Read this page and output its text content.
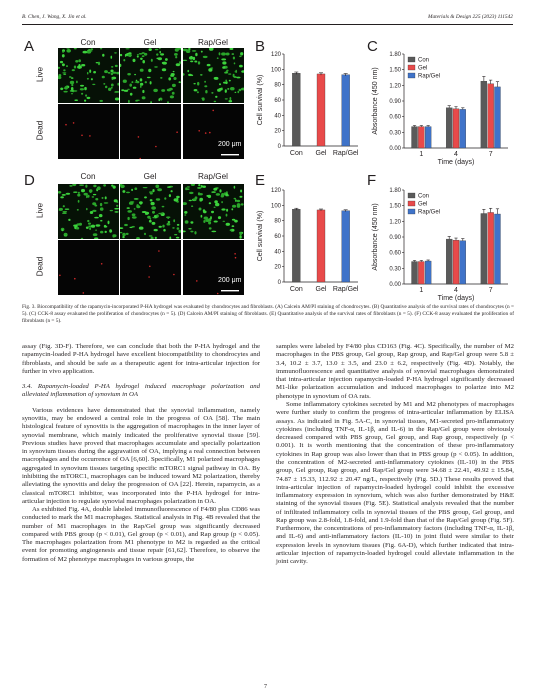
B. Chen, J. Wang, X. Jin et al.	Materials & Design 225 (2023) 111542
A
D
Con	Gel	Rap/Gel
Con	Gel	Rap/Gel
Live
Dead
Live
Dead
200 μm
200 μm
B	C
E	F
0
20
40
60
80
100
120
Cell survival (%)
Con Gel Rap/Gel
0.00
0.30
0.60
0.90
1.20
1.50
1.80
Absorbance (450 nm)
1	4	7
Time (days)
Con
Gel
Rap/Gel
0
20
40
60
80
100
120
Cell survival (%)
Con Gel Rap/Gel
0.00
0.30
0.60
0.90
1.20
1.50
1.80
Absorbance (450 nm)
1	4	7
Time (days)
Con
Gel
Rap/Gel
Fig. 3. Biocompatibility of the rapamycin-incorporated P-HA hydrogel was evaluated by chondrocytes and fibroblasts. (A) Calcein AM/PI staining of chondrocytes. (B) Quantitative analysis of the survival rates of chondrocytes (n = 5). (C) CCK-8 assay evaluated the proliferation of chondrocytes (n = 5). (D) Calcein AM/PI staining of fibroblasts. (E) Quantitative analysis of the survival rates of fibroblasts (n = 5). (F) CCK-8 assay evaluated the proliferation of fibroblasts (n = 5).

assay (Fig. 3D-F). Therefore, we can conclude that both the P-HA hydrogel and the rapamycin-loaded P-HA hydrogel have excellent biocompatibility to chondrocytes and fibroblasts, and should be safe as a therapeutic agent for intra-articular injection for further in vivo application.

3.4. Rapamycin-loaded P-HA hydrogel induced macrophage polarization and alleviated inflammation of synovium in OA

Various evidences have demonstrated that the synovial inflammation, namely synovitis, may be endowed a central role in the progress of OA [58]. The main histological feature of synovitis is the aggregation of macrophages in the inner layer of synovial membrane, which mainly indicated the proliferative synovial tissue [59]. Previous studies have proved that macrophages accumulate and specially polarization in synovium tissues during the aggravation of OA, implying a real connection between macrophages and the occurrence of OA [6,60]. Specifically, M1 polarized macrophages aggregated in synovium tissues targeting specific mTORC1 signal pathway in OA. By inhibiting the mTORC1, macrophages can be induced toward M2 polarization, thereby alleviating the synovitis and delay the progression of OA [22]. Herein, rapamycin, as a classical mTORC1 inhibitor, was incorporated into the P-HA hydrogel for intra-articular injection to regulate synovial macrophages polarization in OA.

As exhibited Fig. 4A, double labeled immunofluorescence of F4/80 plus CD86 was conducted to mark the M1 macrophages. Statistical analysis in Fig. 4B revealed that the number of M1 macrophages in the Rap/Gel group was significantly decreased compared with PBS group (p < 0.01), Gel group (p < 0.01), and Rap group (p < 0.05). The macrophages polarization from M1 phenotype to M2 is regarded as the critical event for promoting angiogenesis and tissue repair [61,62]. Therefore, to observe the formation of M2 phenotype macrophages in various groups, the

samples were labeled by F4/80 plus CD163 (Fig. 4C). Specifically, the number of M2 macrophages in the PBS group, Gel group, Rap group, and Rap/Gel group were 5.8 ± 3.4, 10.2 ± 3.7, 13.0 ± 3.5, and 23.0 ± 6.2, respectively (Fig. 4D). Notably, the immunofluorescence and quantitative analysis of synovial macrophages demonstrated that intra-articular injection rapamycin-loaded P-HA hydrogel significantly decreased M1-like polarization accumulation and induced macrophages to polarize into M2 phenotype in synovium of OA rats.

Some inflammatory cytokines secreted by M1 and M2 phenotypes of macrophages were further study to confirm the progress of intra-articular inflammation by ELISA assays. As indicated in Fig. 5A-C, in synovial tissues, M1-secreted pro-inflammatory cytokines (including TNF-α, IL-1β, and IL-6) in the Rap/Gel group were obviously decreased compared with PBS group, Gel group, and Rap group, respectively (p < 0.001). It is worth mentioning that the concentration of these pro-inflammatory cytokines in Rap group was also lower than that in PBS group (p < 0.05). In addition, the concentration of M2-secreted anti-inflammatory cytokines (IL-10) in the PBS group, Gel group, Rap group, and Rap/Gel group were 34.68 ± 22.41, 49.92 ± 15.84, 74.87 ± 15.33, 112.92 ± 20.47 ng/L, respectively (Fig. 5D.) These results proved that intra-articular injection of rapamycin-loaded hydrogel could inhibit the excessive inflammatory expression in synovium, which was also further demonstrated by H&E staining of the synovial tissues (Fig. 5E). Statistical analysis revealed that the number of infiltrated inflammatory cells in synovial tissues of the PBS group, Gel group, and Rap group was 2.8-fold, 1.8-fold, and 1.9-fold than that of the Rap/Gel group (Fig. 5F). Furthermore, the concentrations of pro-inflammatory factors (including TNF-α, IL-1β, and IL-6) and anti-inflammatory factors (IL-10) in joint fluid were similar to their expression levels in synovium tissues (Fig. 6A-D), which further indicated that intra-articular injection of rapamycin-loaded hydrogel could alleviate inflammation in the joint cavity.

7
